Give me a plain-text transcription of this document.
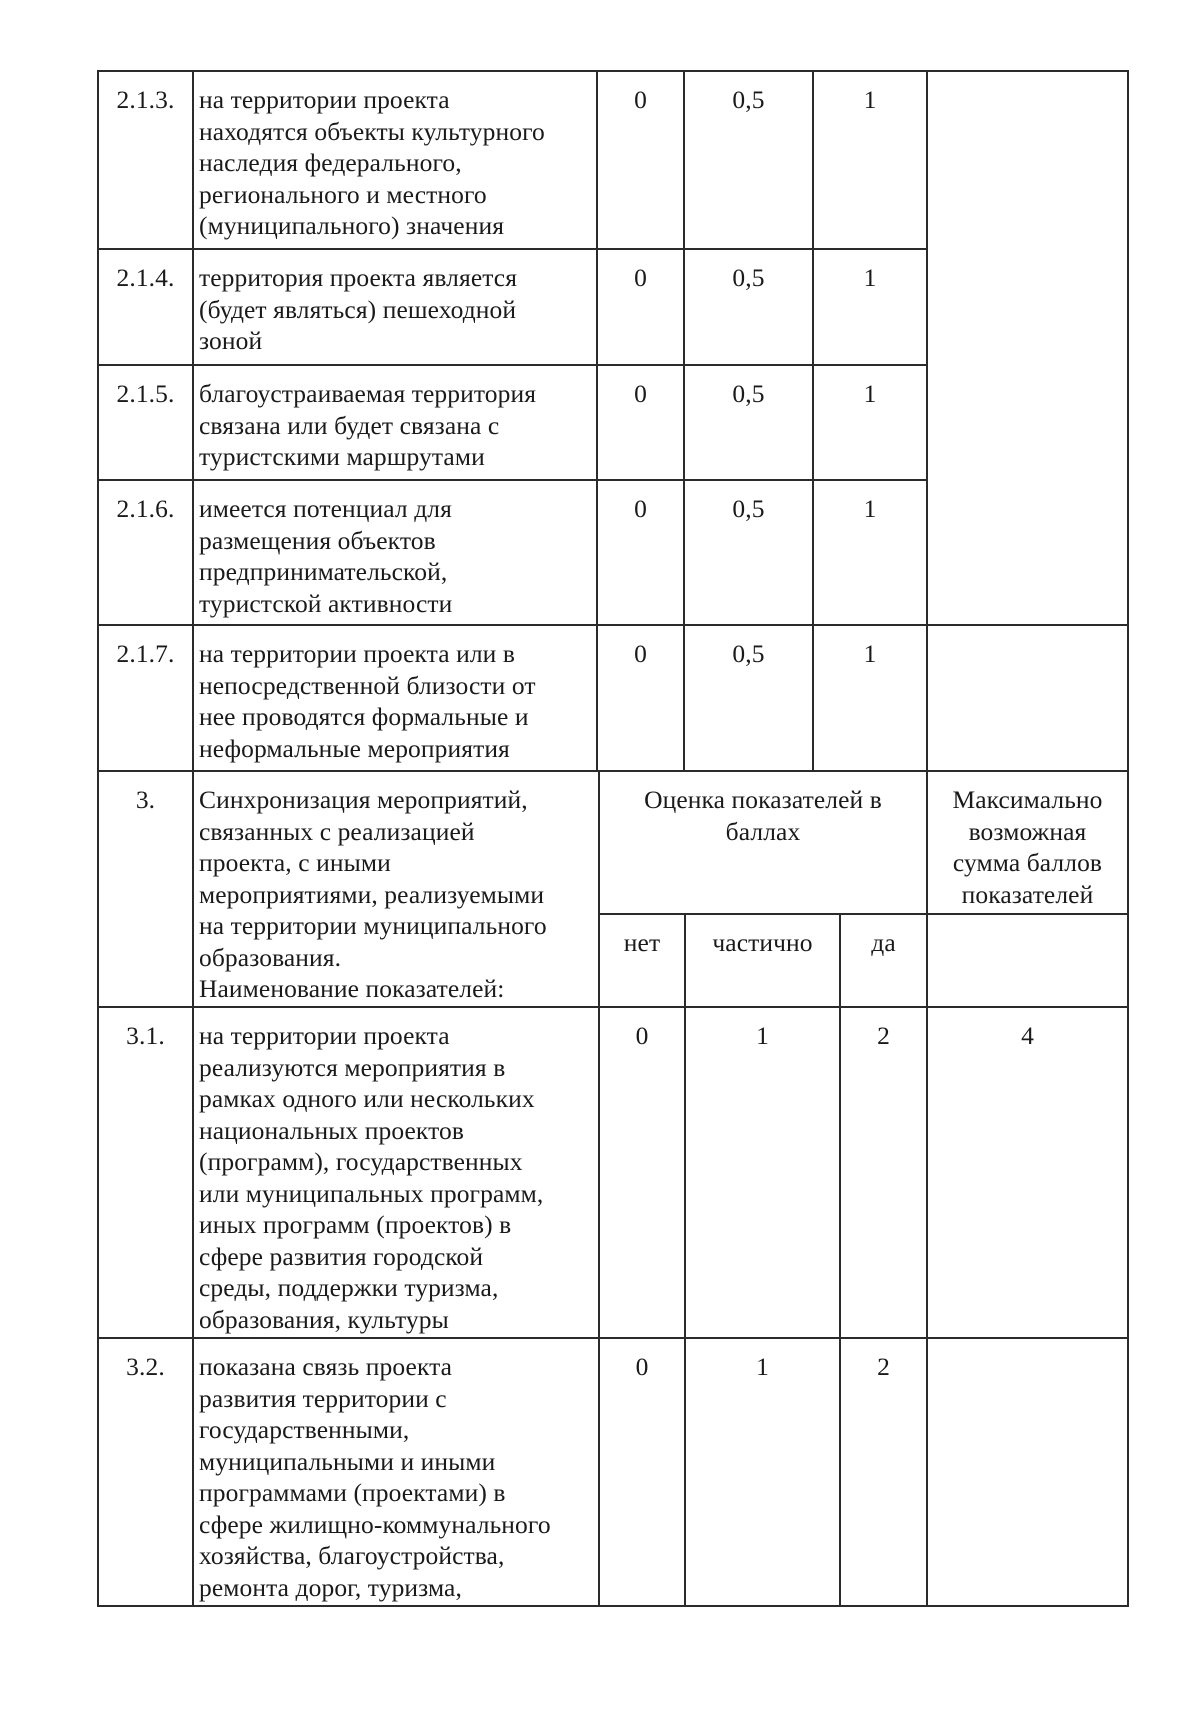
2.1.3. на территории проекта
находятся объекты культурного
наследия федерального,
регионального и местного
(муниципального) значения
0	0,5	1
2.1.4. территория проекта является
(будет являться) пешеходной
зоной
0	0,5	1
2.1.5. благоустраиваемая территория
связана или будет связана с
туристскими маршрутами
0	0,5	1
2.1.6. имеется потенциал для
размещения объектов
предпринимательской,
туристской активности
0	0,5	1
2.1.7. на территории проекта или в
непосредственной близости от
нее проводятся формальные и
неформальные мероприятия
0	0,5	1
3.	Синхронизация мероприятий,
связанных с реализацией
проекта, с иными
мероприятиями, реализуемыми
на территории муниципального
образования.
Наименование показателей:
Оценка показателей в
баллах
Максимально
возможная
сумма баллов
показателей
нет	частично	да
3.1.	на территории проекта
реализуются мероприятия в
рамках одного или нескольких
национальных проектов
(программ), государственных
или муниципальных программ,
иных программ (проектов) в
сфере развития городской
среды, поддержки туризма,
образования, культуры
0	1	2	4
3.2.	показана связь проекта
развития территории с
государственными,
муниципальными и иными
программами (проектами) в
сфере жилищно-коммунального
хозяйства, благоустройства,
ремонта дорог, туризма,
0	1	2
